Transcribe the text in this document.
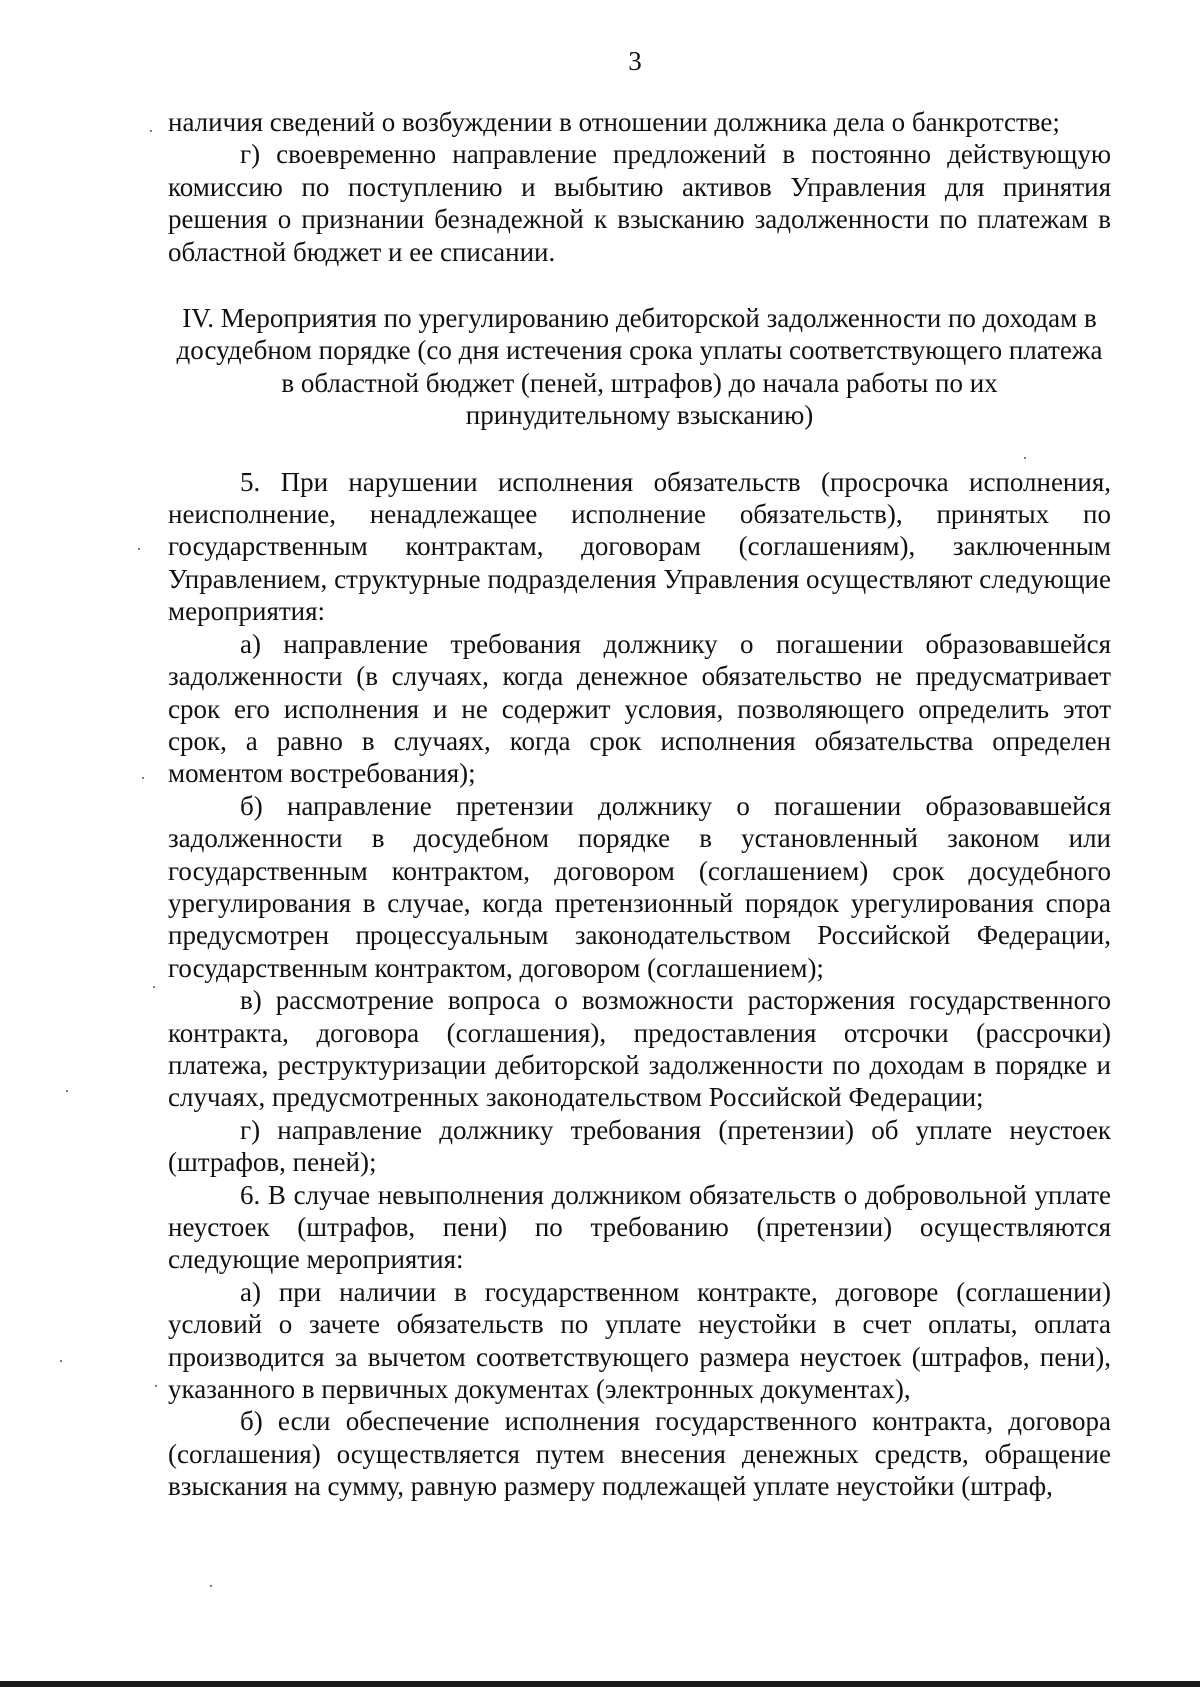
3

наличия сведений о возбуждении в отношении должника дела о банкротстве;

г) своевременно направление предложений в постоянно действующую комиссию по поступлению и выбытию активов Управления для принятия решения о признании безнадежной к взысканию задолженности по платежам в областной бюджет и ее списании.

IV. Мероприятия по урегулированию дебиторской задолженности по доходам в досудебном порядке (со дня истечения срока уплаты соответствующего платежа в областной бюджет (пеней, штрафов) до начала работы по их принудительному взысканию)

5. При нарушении исполнения обязательств (просрочка исполнения, неисполнение, ненадлежащее исполнение обязательств), принятых по государственным контрактам, договорам (соглашениям), заключенным Управлением, структурные подразделения Управления осуществляют следующие мероприятия:

а) направление требования должнику о погашении образовавшейся задолженности (в случаях, когда денежное обязательство не предусматривает срок его исполнения и не содержит условия, позволяющего определить этот срок, а равно в случаях, когда срок исполнения обязательства определен моментом востребования);

б) направление претензии должнику о погашении образовавшейся задолженности в досудебном порядке в установленный законом или государственным контрактом, договором (соглашением) срок досудебного урегулирования в случае, когда претензионный порядок урегулирования спора предусмотрен процессуальным законодательством Российской Федерации, государственным контрактом, договором (соглашением);

в) рассмотрение вопроса о возможности расторжения государственного контракта, договора (соглашения), предоставления отсрочки (рассрочки) платежа, реструктуризации дебиторской задолженности по доходам в порядке и случаях, предусмотренных законодательством Российской Федерации;

г) направление должнику требования (претензии) об уплате неустоек (штрафов, пеней);

6. В случае невыполнения должником обязательств о добровольной уплате неустоек (штрафов, пени) по требованию (претензии) осуществляются следующие мероприятия:

а) при наличии в государственном контракте, договоре (соглашении) условий о зачете обязательств по уплате неустойки в счет оплаты, оплата производится за вычетом соответствующего размера неустоек (штрафов, пени), указанного в первичных документах (электронных документах),

б) если обеспечение исполнения государственного контракта, договора (соглашения) осуществляется путем внесения денежных средств, обращение взыскания на сумму, равную размеру подлежащей уплате неустойки (штраф,
